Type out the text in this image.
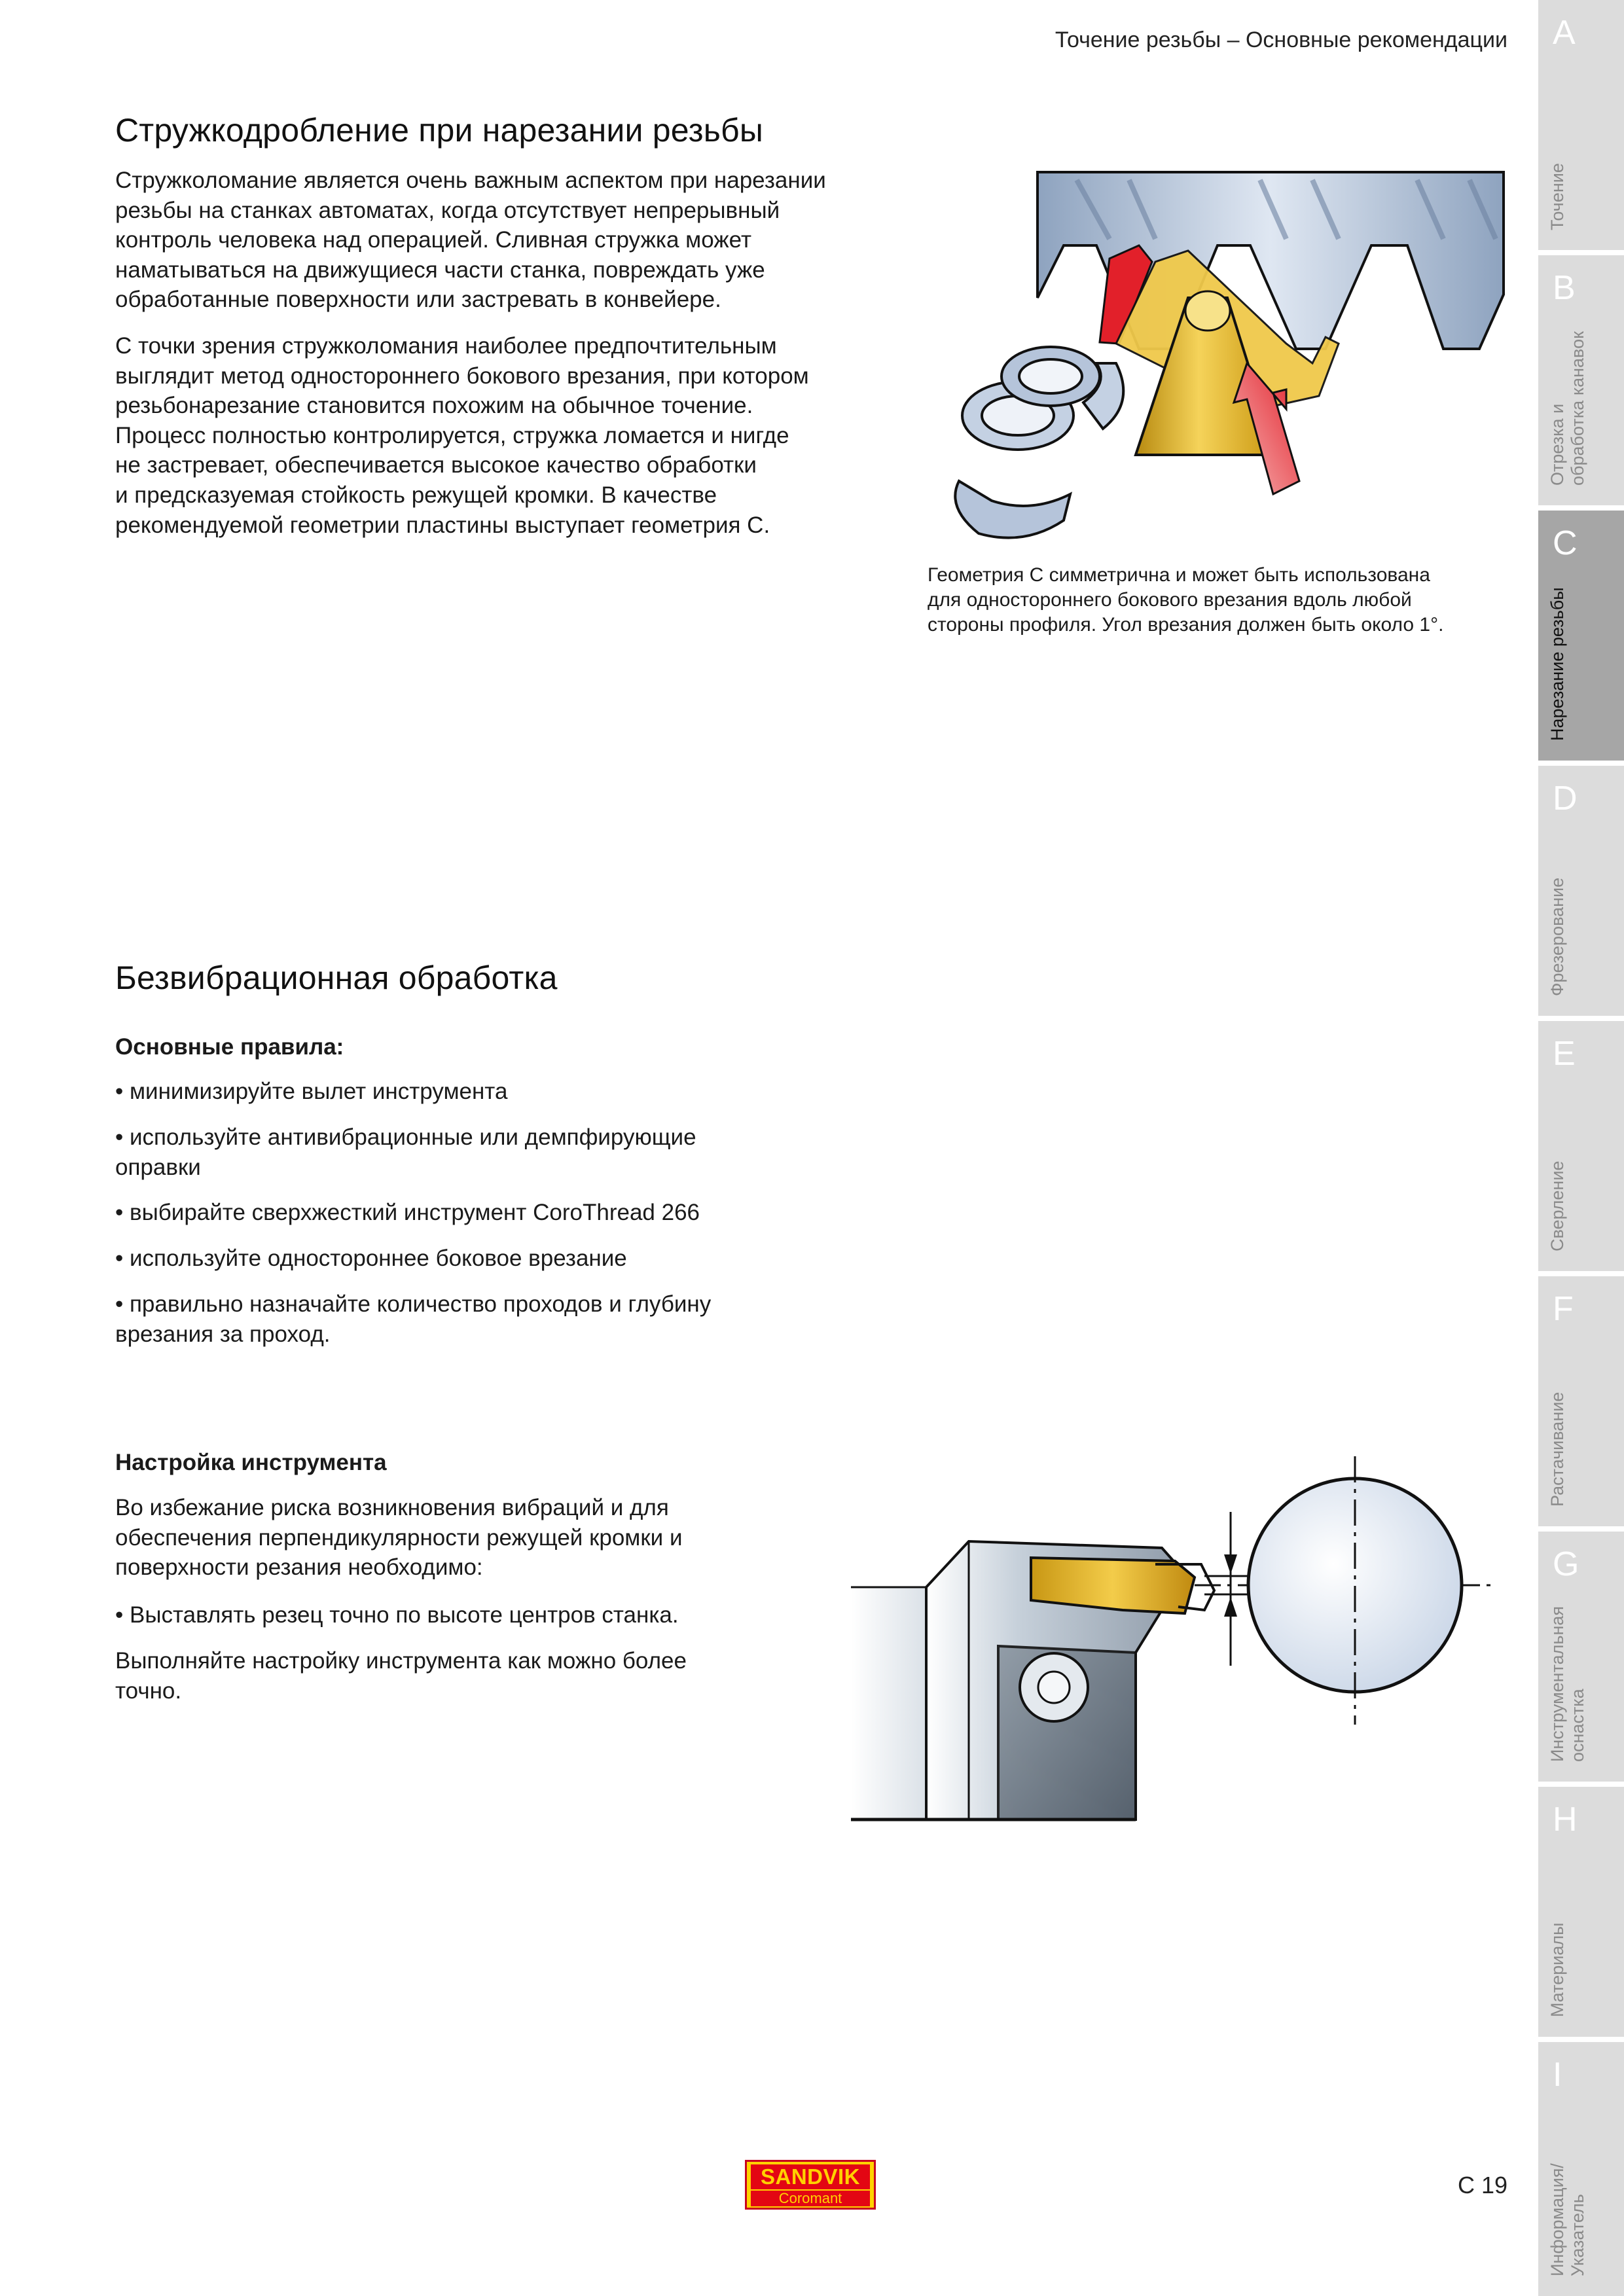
Точение резьбы – Основные рекомендации
Стружкодробление при нарезании резьбы
Стружколомание является очень важным аспектом при нарезании
резьбы на станках автоматах, когда отсутствует непрерывный
контроль человека над операцией. Сливная стружка может
наматываться на движущиеся части станка, повреждать уже
обработанные поверхности или застревать в конвейере.
С точки зрения стружколомания наиболее предпочтительным
выглядит метод одностороннего бокового врезания, при котором
резьбонарезание становится похожим на обычное точение.
Процесс полностью контролируется, стружка ломается и нигде
не застревает, обеспечивается высокое качество обработки
и предсказуемая стойкость режущей кромки. В качестве
рекомендуемой геометрии пластины выступает геометрия C.
Геометрия C симметрична и может быть использована
для одностороннего бокового врезания вдоль любой
стороны профиля. Угол врезания должен быть около 1°.
Безвибрационная обработка
Основные правила:
• минимизируйте вылет инструмента
• используйте антивибрационные или демпфирующие
оправки
• выбирайте сверхжесткий инструмент CoroThread 266
• используйте одностороннее боковое врезание
• правильно назначайте количество проходов и глубину
врезания за проход.
Настройка инструмента
Во избежание риска возникновения вибраций и для
обеспечения перпендикулярности режущей кромки и
поверхности резания необходимо:
• Выставлять резец точно по высоте центров станка.
Выполняйте настройку инструмента как можно более
точно.
A
Точение
B
Отрезка и обработка канавок
C
Нарезание резьбы
D
Фрезерование
E
Сверление
F
Растачивание
G
Инструментальная оснастка
H
Материалы
I
Информация/ Указатель
SANDVIK
Coromant	C 19
